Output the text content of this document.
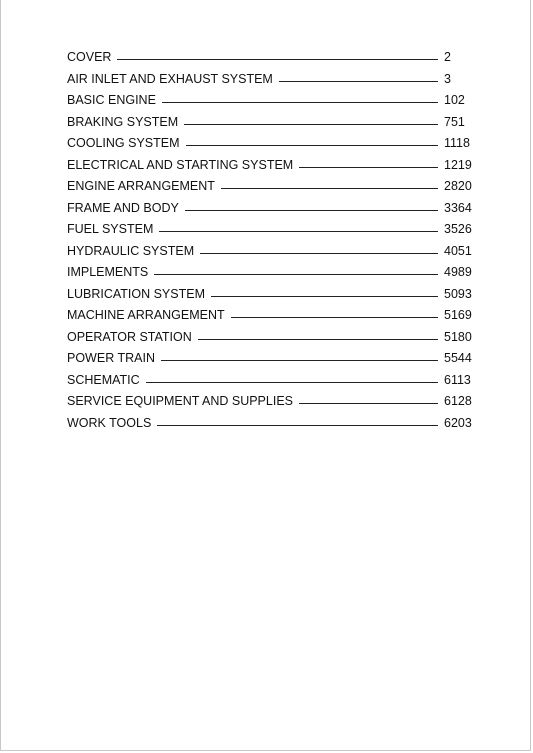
COVER	2
AIR INLET AND EXHAUST SYSTEM	3
BASIC ENGINE	102
BRAKING SYSTEM	751
COOLING SYSTEM	1118
ELECTRICAL AND STARTING SYSTEM	1219
ENGINE ARRANGEMENT	2820
FRAME AND BODY	3364
FUEL SYSTEM	3526
HYDRAULIC SYSTEM	4051
IMPLEMENTS	4989
LUBRICATION SYSTEM	5093
MACHINE ARRANGEMENT	5169
OPERATOR STATION	5180
POWER TRAIN	5544
SCHEMATIC	6113
SERVICE EQUIPMENT AND SUPPLIES	6128
WORK TOOLS	6203
